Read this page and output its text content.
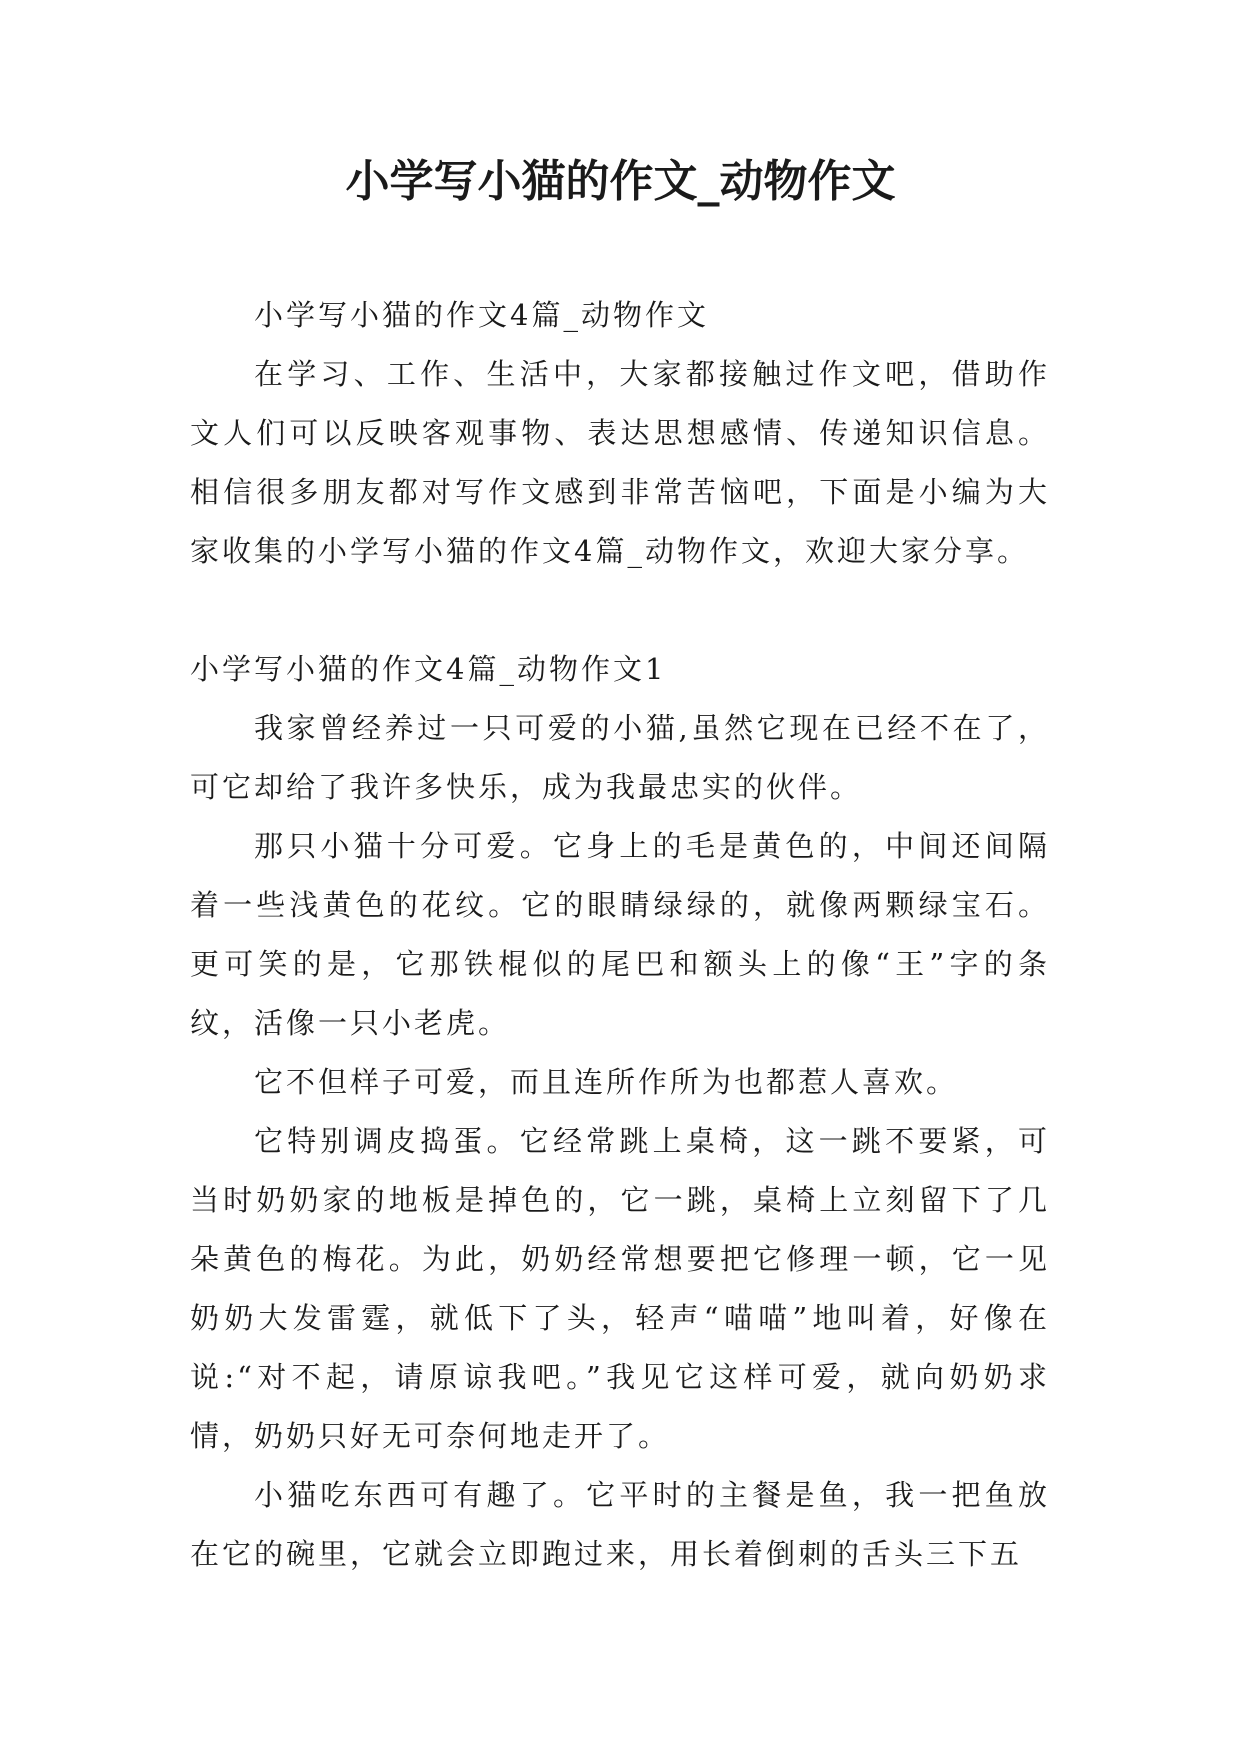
小学写小猫的作文_动物作文

小学写小猫的作文4篇_动物作文

在学习、工作、生活中，大家都接触过作文吧，借助作文人们可以反映客观事物、表达思想感情、传递知识信息。相信很多朋友都对写作文感到非常苦恼吧，下面是小编为大家收集的小学写小猫的作文4篇_动物作文，欢迎大家分享。

小学写小猫的作文4篇_动物作文1

我家曾经养过一只可爱的小猫,虽然它现在已经不在了，可它却给了我许多快乐，成为我最忠实的伙伴。

那只小猫十分可爱。它身上的毛是黄色的，中间还间隔着一些浅黄色的花纹。它的眼睛绿绿的，就像两颗绿宝石。更可笑的是，它那铁棍似的尾巴和额头上的像“王”字的条纹，活像一只小老虎。

它不但样子可爱，而且连所作所为也都惹人喜欢。

它特别调皮捣蛋。它经常跳上桌椅，这一跳不要紧，可当时奶奶家的地板是掉色的，它一跳，桌椅上立刻留下了几朵黄色的梅花。为此，奶奶经常想要把它修理一顿，它一见奶奶大发雷霆，就低下了头，轻声“喵喵”地叫着，好像在说:“对不起，请原谅我吧。”我见它这样可爱，就向奶奶求情，奶奶只好无可奈何地走开了。

小猫吃东西可有趣了。它平时的主餐是鱼，我一把鱼放在它的碗里，它就会立即跑过来，用长着倒刺的舌头三下五
